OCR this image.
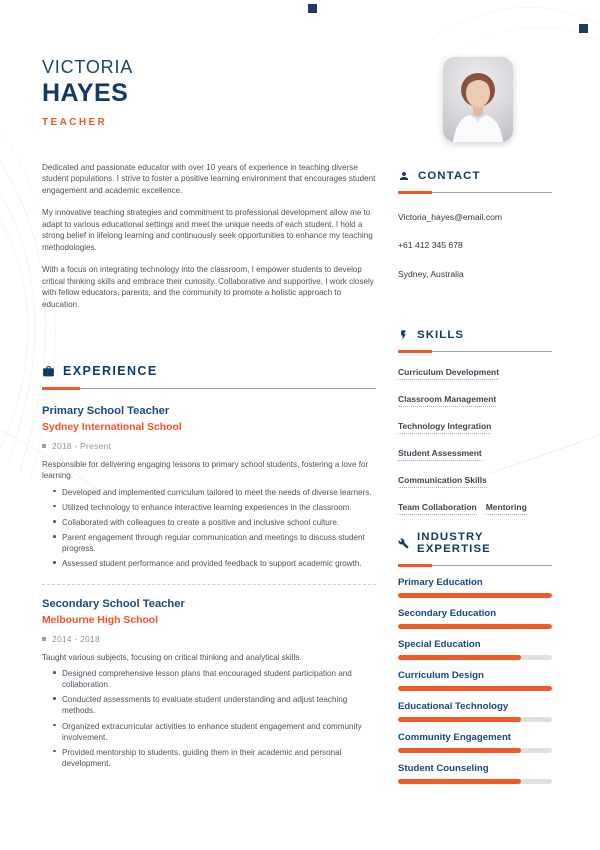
VICTORIA
HAYES
TEACHER

Dedicated and passionate educator with over 10 years of experience in teaching diverse student populations. I strive to foster a positive learning environment that encourages student engagement and academic excellence.

My innovative teaching strategies and commitment to professional development allow me to adapt to various educational settings and meet the unique needs of each student. I hold a strong belief in lifelong learning and continuously seek opportunities to enhance my teaching methodologies.

With a focus on integrating technology into the classroom, I empower students to develop critical thinking skills and embrace their curiosity. Collaborative and supportive, I work closely with fellow educators, parents, and the community to promote a holistic approach to education.

EXPERIENCE
Primary School Teacher
Sydney International School
2018 - Present
Responsible for delivering engaging lessons to primary school students, fostering a love for learning.
Developed and implemented curriculum tailored to meet the needs of diverse learners.
Utilized technology to enhance interactive learning experiences in the classroom.
Collaborated with colleagues to create a positive and inclusive school culture.
Parent engagement through regular communication and meetings to discuss student progress.
Assessed student performance and provided feedback to support academic growth.
Secondary School Teacher
Melbourne High School
2014 - 2018
Taught various subjects, focusing on critical thinking and analytical skills.
Designed comprehensive lesson plans that encouraged student participation and collaboration.
Conducted assessments to evaluate student understanding and adjust teaching methods.
Organized extracurricular activities to enhance student engagement and community involvement.
Provided mentorship to students, guiding them in their academic and personal development.
CONTACT
Victoria_hayes@email.com
+61 412 345 678
Sydney, Australia
SKILLS
Curriculum Development
Classroom Management
Technology Integration
Student Assessment
Communication Skills
Team Collaboration Mentoring
INDUSTRY EXPERTISE
Primary Education
Secondary Education
Special Education
Curriculum Design
Educational Technology
Community Engagement
Student Counseling
